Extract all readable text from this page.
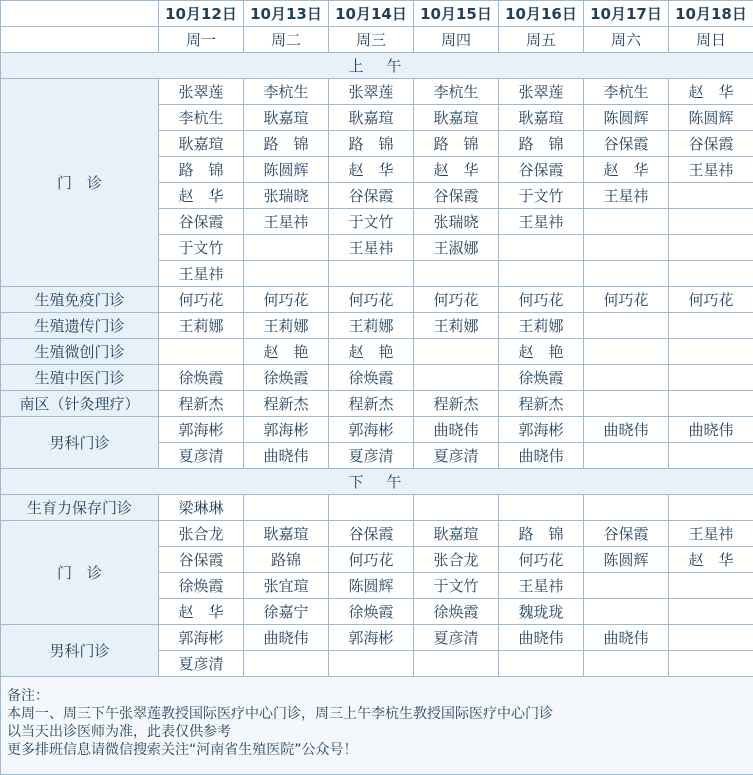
	10月12日	10月13日	10月14日	10月15日	10月16日	10月17日	10月18日
	周一	周二	周三	周四	周五	周六	周日
上　午							
门　诊	张翠莲	李杭生	张翠莲	李杭生	张翠莲	李杭生	赵　华
	李杭生	耿嘉瑄	耿嘉瑄	耿嘉瑄	耿嘉瑄	陈圆辉	陈圆辉
	耿嘉瑄	路　锦	路　锦	路　锦	路　锦	谷保霞	谷保霞
	路　锦	陈圆辉	赵　华	赵　华	谷保霞	赵　华	王星祎
	赵　华	张瑞晓	谷保霞	谷保霞	于文竹	王星祎	
	谷保霞	王星祎	于文竹	张瑞晓	王星祎		
	于文竹		王星祎	王淑娜			
	王星祎						
生殖免疫门诊	何巧花	何巧花	何巧花	何巧花	何巧花	何巧花	何巧花
生殖遗传门诊	王莉娜	王莉娜	王莉娜	王莉娜	王莉娜		
生殖微创门诊		赵　艳	赵　艳		赵　艳		
生殖中医门诊	徐焕霞	徐焕霞	徐焕霞		徐焕霞		
南区（针灸理疗）	程新杰	程新杰	程新杰	程新杰	程新杰		
男科门诊	郭海彬	郭海彬	郭海彬	曲晓伟	郭海彬	曲晓伟	曲晓伟
	夏彦清	曲晓伟	夏彦清	夏彦清	曲晓伟		
下　午							
生育力保存门诊	梁琳琳						
门　诊	张合龙	耿嘉瑄	谷保霞	耿嘉瑄	路　锦	谷保霞	王星祎
	谷保霞	路锦	何巧花	张合龙	何巧花	陈圆辉	赵　华
	徐焕霞	张宜瑄	陈圆辉	于文竹	王星祎		
	赵　华	徐嘉宁	徐焕霞	徐焕霞	魏珑珑		
男科门诊	郭海彬	曲晓伟	郭海彬	夏彦清	曲晓伟	曲晓伟	
	夏彦清						

备注：
本周一、周三下午张翠莲教授国际医疗中心门诊，周三上午李杭生教授国际医疗中心门诊
以当天出诊医师为准，此表仅供参考
更多排班信息请微信搜索关注“河南省生殖医院”公众号！							
